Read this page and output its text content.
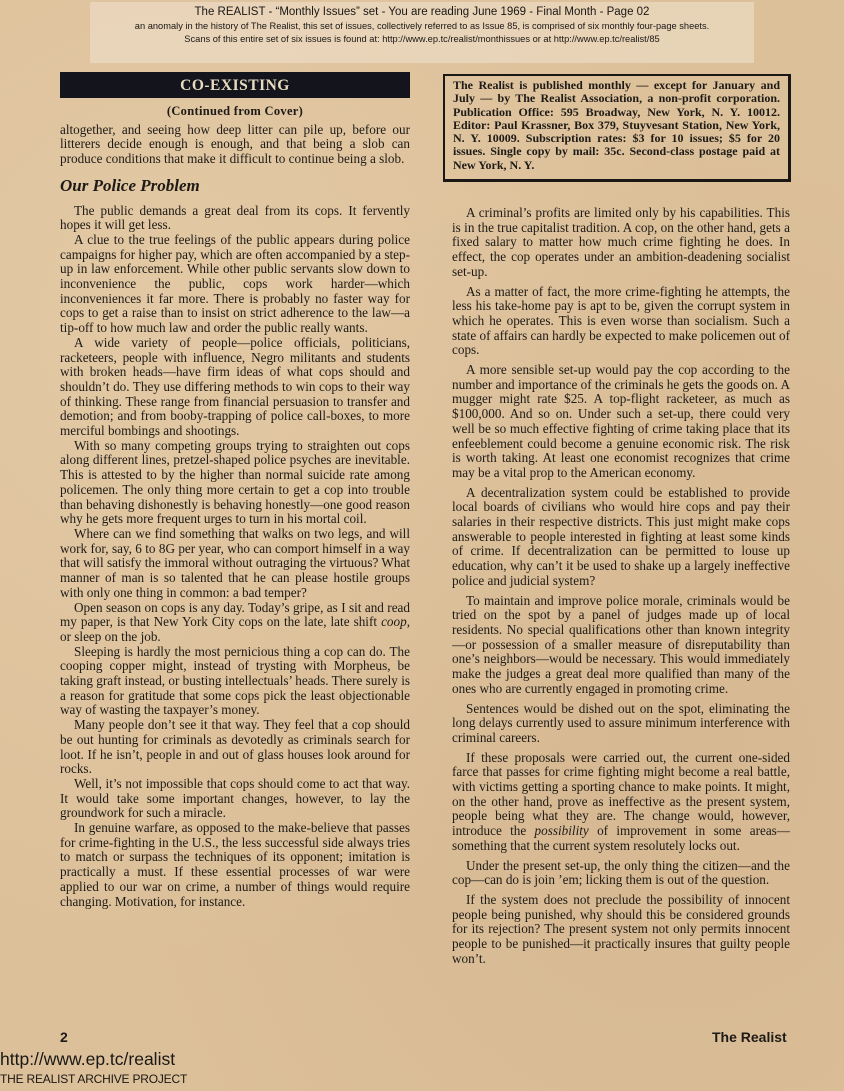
The REALIST - “Monthly Issues” set - You are reading June 1969 - Final Month - Page 02
an anomaly in the history of The Realist, this set of issues, collectively referred to as Issue 85, is comprised of six monthly four-page sheets.
Scans of this entire set of six issues is found at: http://www.ep.tc/realist/monthissues or at http://www.ep.tc/realist/85
CO-EXISTING
(Continued from Cover)

altogether, and seeing how deep litter can pile up, before our litterers decide enough is enough, and that being a slob can produce conditions that make it difficult to continue being a slob.

Our Police Problem

The public demands a great deal from its cops. It fervently hopes it will get less.

A clue to the true feelings of the public appears during police campaigns for higher pay, which are often accompanied by a step-up in law enforcement. While other public servants slow down to inconvenience the public, cops work harder—which inconveniences it far more. There is probably no faster way for cops to get a raise than to insist on strict adherence to the law—a tip-off to how much law and order the public really wants.

A wide variety of people—police officials, politicians, racketeers, people with influence, Negro militants and students with broken heads—have firm ideas of what cops should and shouldn’t do. They use differing methods to win cops to their way of thinking. These range from financial persuasion to transfer and demotion; and from booby-trapping of police call-boxes, to more merciful bombings and shootings.

With so many competing groups trying to straighten out cops along different lines, pretzel-shaped police psyches are inevitable. This is attested to by the higher than normal suicide rate among policemen. The only thing more certain to get a cop into trouble than behaving dishonestly is behaving honestly—one good reason why he gets more frequent urges to turn in his mortal coil.

Where can we find something that walks on two legs, and will work for, say, 6 to 8G per year, who can comport himself in a way that will satisfy the immoral without outraging the virtuous? What manner of man is so talented that he can please hostile groups with only one thing in common: a bad temper?

Open season on cops is any day. Today’s gripe, as I sit and read my paper, is that New York City cops on the late, late shift coop, or sleep on the job.

Sleeping is hardly the most pernicious thing a cop can do. The cooping copper might, instead of trysting with Morpheus, be taking graft instead, or busting intellectuals’ heads. There surely is a reason for gratitude that some cops pick the least objectionable way of wasting the taxpayer’s money.

Many people don’t see it that way. They feel that a cop should be out hunting for criminals as devotedly as criminals search for loot. If he isn’t, people in and out of glass houses look around for rocks.

Well, it’s not impossible that cops should come to act that way. It would take some important changes, however, to lay the groundwork for such a miracle.

In genuine warfare, as opposed to the make-believe that passes for crime-fighting in the U.S., the less successful side always tries to match or surpass the techniques of its opponent; imitation is practically a must. If these essential processes of war were applied to our war on crime, a number of things would require changing. Motivation, for instance.

The Realist is published monthly — except for January and July — by The Realist Association, a non-profit corporation. Publication Office: 595 Broadway, New York, N. Y. 10012. Editor: Paul Krassner, Box 379, Stuyvesant Station, New York, N. Y. 10009. Subscription rates: $3 for 10 issues; $5 for 20 issues. Single copy by mail: 35c. Second-class postage paid at New York, N. Y.

A criminal’s profits are limited only by his capabilities. This is in the true capitalist tradition. A cop, on the other hand, gets a fixed salary to matter how much crime fighting he does. In effect, the cop operates under an ambition-deadening socialist set-up.

As a matter of fact, the more crime-fighting he attempts, the less his take-home pay is apt to be, given the corrupt system in which he operates. This is even worse than socialism. Such a state of affairs can hardly be expected to make policemen out of cops.

A more sensible set-up would pay the cop according to the number and importance of the criminals he gets the goods on. A mugger might rate $25. A top-flight racketeer, as much as $100,000. And so on. Under such a set-up, there could very well be so much effective fighting of crime taking place that its enfeeblement could become a genuine economic risk. The risk is worth taking. At least one economist recognizes that crime may be a vital prop to the American economy.

A decentralization system could be established to provide local boards of civilians who would hire cops and pay their salaries in their respective districts. This just might make cops answerable to people interested in fighting at least some kinds of crime. If decentralization can be permitted to louse up education, why can’t it be used to shake up a largely ineffective police and judicial system?

To maintain and improve police morale, criminals would be tried on the spot by a panel of judges made up of local residents. No special qualifications other than known integrity—or possession of a smaller measure of disreputability than one’s neighbors—would be necessary. This would immediately make the judges a great deal more qualified than many of the ones who are currently engaged in promoting crime.

Sentences would be dished out on the spot, eliminating the long delays currently used to assure minimum interference with criminal careers.

If these proposals were carried out, the current one-sided farce that passes for crime fighting might become a real battle, with victims getting a sporting chance to make points. It might, on the other hand, prove as ineffective as the present system, people being what they are. The change would, however, introduce the possibility of improvement in some areas—something that the current system resolutely locks out.

Under the present set-up, the only thing the citizen—and the cop—can do is join ’em; licking them is out of the question.

If the system does not preclude the possibility of innocent people being punished, why should this be considered grounds for its rejection? The present system not only permits innocent people to be punished—it practically insures that guilty people won’t.

2	The Realist
http://www.ep.tc/realist
THE REALIST ARCHIVE PROJECT
